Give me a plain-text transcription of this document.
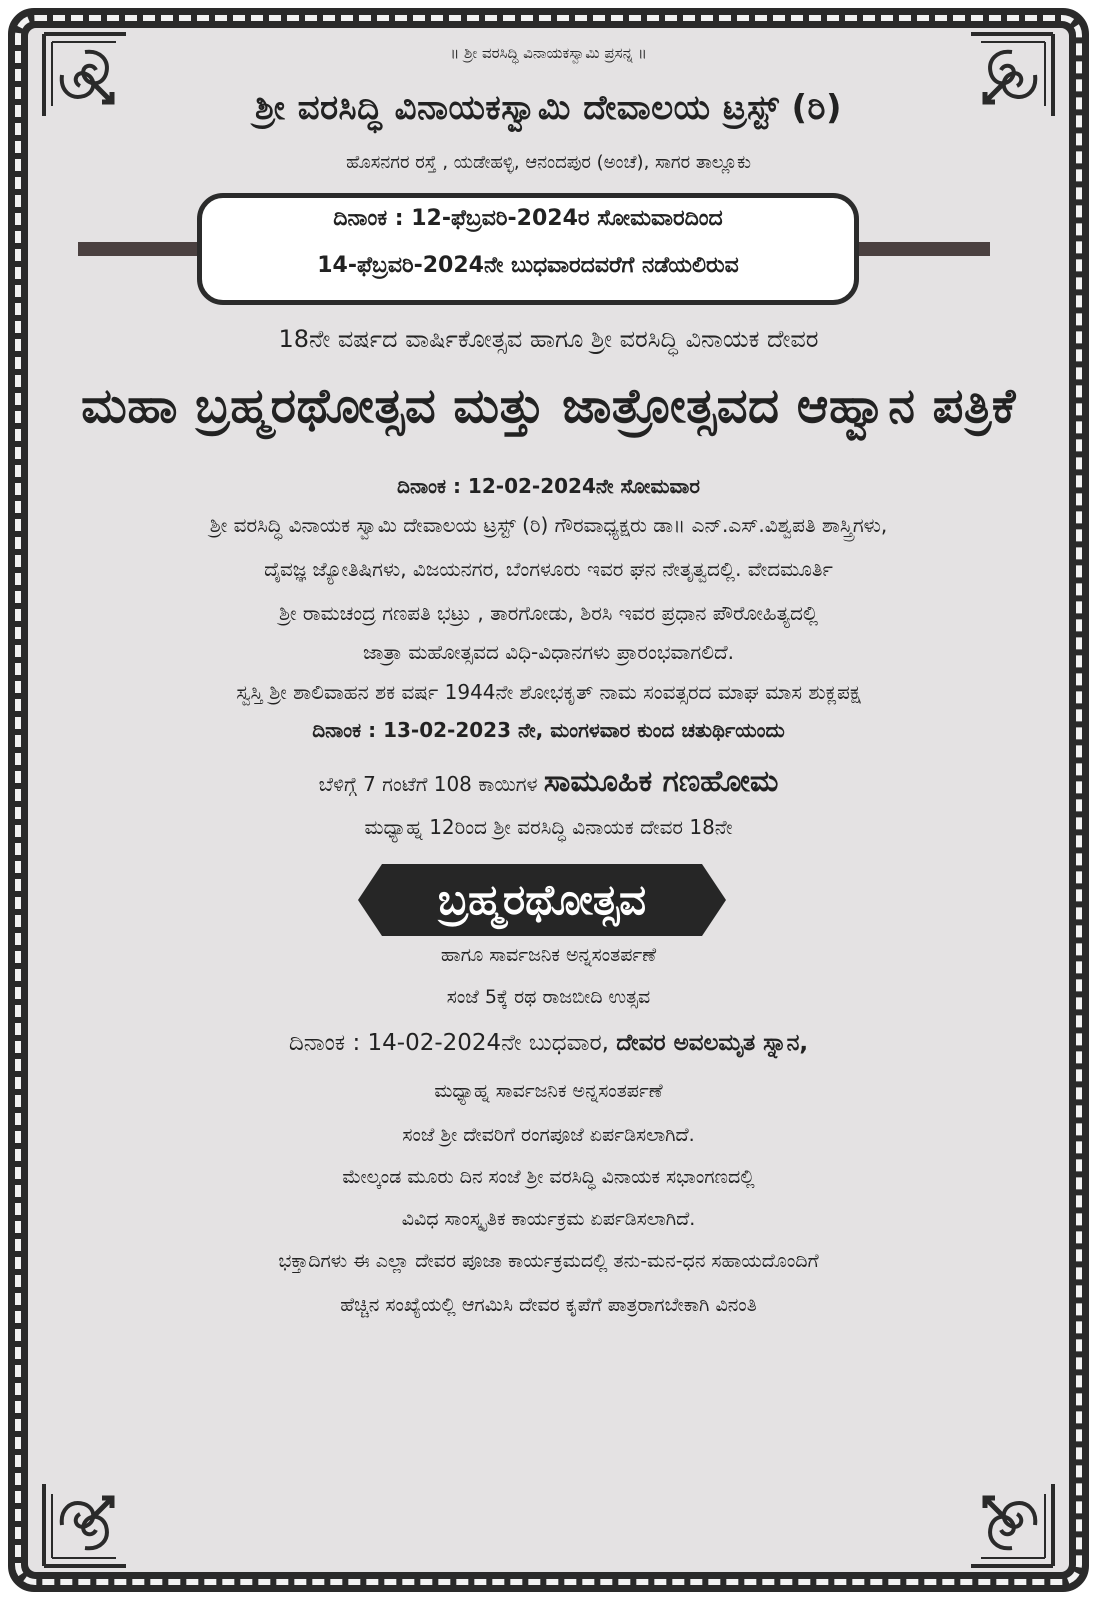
॥ ಶ್ರೀ ವರಸಿದ್ಧಿ ವಿನಾಯಕಸ್ವಾಮಿ ಪ್ರಸನ್ನ ॥
ಶ್ರೀ ವರಸಿದ್ಧಿ ವಿನಾಯಕಸ್ವಾಮಿ ದೇವಾಲಯ ಟ್ರಸ್ಟ್ (ರಿ)
ಹೊಸನಗರ ರಸ್ತೆ , ಯಡೇಹಳ್ಳಿ, ಆನಂದಪುರ (ಅಂಚೆ), ಸಾಗರ ತಾಲ್ಲೂಕು
ದಿನಾಂಕ : 12-ಫೆಬ್ರವರಿ-2024ರ ಸೋಮವಾರದಿಂದ
14-ಫೆಬ್ರವರಿ-2024ನೇ ಬುಧವಾರದವರೆಗೆ ನಡೆಯಲಿರುವ
18ನೇ ವರ್ಷದ ವಾರ್ಷಿಕೋತ್ಸವ ಹಾಗೂ ಶ್ರೀ ವರಸಿದ್ಧಿ ವಿನಾಯಕ ದೇವರ
ಮಹಾ ಬ್ರಹ್ಮರಥೋತ್ಸವ ಮತ್ತು ಜಾತ್ರೋತ್ಸವದ ಆಹ್ವಾನ ಪತ್ರಿಕೆ
ದಿನಾಂಕ : 12-02-2024ನೇ ಸೋಮವಾರ
ಶ್ರೀ ವರಸಿದ್ಧಿ ವಿನಾಯಕ ಸ್ವಾಮಿ ದೇವಾಲಯ ಟ್ರಸ್ಟ್ (ರಿ) ಗೌರವಾಧ್ಯಕ್ಷರು ಡಾ॥ ಎನ್.ಎಸ್.ವಿಶ್ವಪತಿ ಶಾಸ್ತ್ರಿಗಳು,
ದೈವಜ್ಞ ಜ್ಯೋತಿಷಿಗಳು, ವಿಜಯನಗರ, ಬೆಂಗಳೂರು ಇವರ ಘನ ನೇತೃತ್ವದಲ್ಲಿ. ವೇದಮೂರ್ತಿ
ಶ್ರೀ ರಾಮಚಂದ್ರ ಗಣಪತಿ ಭಟ್ರು , ತಾರಗೋಡು, ಶಿರಸಿ ಇವರ ಪ್ರಧಾನ ಪೌರೋಹಿತ್ಯದಲ್ಲಿ
ಜಾತ್ರಾ ಮಹೋತ್ಸವದ ವಿಧಿ-ವಿಧಾನಗಳು ಪ್ರಾರಂಭವಾಗಲಿದೆ.
ಸ್ವಸ್ತಿ ಶ್ರೀ ಶಾಲಿವಾಹನ ಶಕ ವರ್ಷ 1944ನೇ ಶೋಭಕೃತ್ ನಾಮ ಸಂವತ್ಸರದ ಮಾಘ ಮಾಸ ಶುಕ್ಲಪಕ್ಷ
ದಿನಾಂಕ : 13-02-2023 ನೇ, ಮಂಗಳವಾರ ಕುಂದ ಚತುರ್ಥಿಯಂದು
ಬೆಳಿಗ್ಗೆ 7 ಗಂಟೆಗೆ 108 ಕಾಯಿಗಳ ಸಾಮೂಹಿಕ ಗಣಹೋಮ
ಮಧ್ಯಾಹ್ನ 12ರಿಂದ ಶ್ರೀ ವರಸಿದ್ಧಿ ವಿನಾಯಕ ದೇವರ 18ನೇ
ಬ್ರಹ್ಮರಥೋತ್ಸವ
ಹಾಗೂ ಸಾರ್ವಜನಿಕ ಅನ್ನಸಂತರ್ಪಣೆ
ಸಂಜೆ 5ಕ್ಕೆ ರಥ ರಾಜಬೀದಿ ಉತ್ಸವ
ದಿನಾಂಕ : 14-02-2024ನೇ ಬುಧವಾರ, ದೇವರ ಅವಲಮೃತ ಸ್ನಾನ,
ಮಧ್ಯಾಹ್ನ ಸಾರ್ವಜನಿಕ ಅನ್ನಸಂತರ್ಪಣೆ
ಸಂಜೆ ಶ್ರೀ ದೇವರಿಗೆ ರಂಗಪೂಜೆ ಏರ್ಪಡಿಸಲಾಗಿದೆ.
ಮೇಲ್ಕಂಡ ಮೂರು ದಿನ ಸಂಜೆ ಶ್ರೀ ವರಸಿದ್ಧಿ ವಿನಾಯಕ ಸಭಾಂಗಣದಲ್ಲಿ
ವಿವಿಧ ಸಾಂಸ್ಕೃತಿಕ ಕಾರ್ಯಕ್ರಮ ಏರ್ಪಡಿಸಲಾಗಿದೆ.
ಭಕ್ತಾದಿಗಳು ಈ ಎಲ್ಲಾ ದೇವರ ಪೂಜಾ ಕಾರ್ಯಕ್ರಮದಲ್ಲಿ ತನು-ಮನ-ಧನ ಸಹಾಯದೊಂದಿಗೆ
ಹೆಚ್ಚಿನ ಸಂಖ್ಯೆಯಲ್ಲಿ ಆಗಮಿಸಿ ದೇವರ ಕೃಪೆಗೆ ಪಾತ್ರರಾಗಬೇಕಾಗಿ ವಿನಂತಿ
